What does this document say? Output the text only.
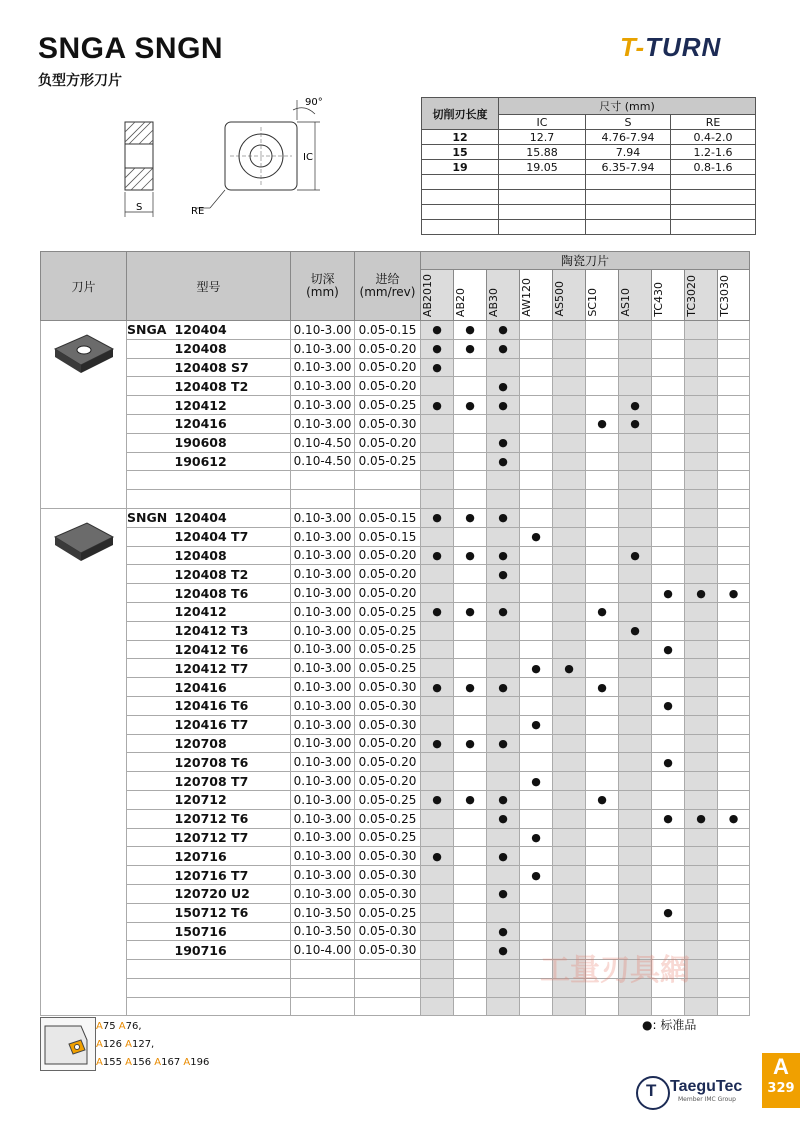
SNGA SNGN
负型方形刀片
T-TURN
S
90°
IC
RE
切削刃长度	尺寸 (mm)		
	IC	S	RE
12	12.7	4.76-7.94	0.4-2.0
15	15.88	7.94	1.2-1.6
19	19.05	6.35-7.94	0.8-1.6

刀片	型号		切深
(mm)	进给
(mm/rev)	陶瓷刀片									

					AB2010	AB20	AB30	AW120	AS500	SC10	AS10	TC430	TC3020	TC3030

	SNGA	120404	0.10-3.00	0.05-0.15	●	●	●							
		120408	0.10-3.00	0.05-0.20	●	●	●							
		120408 S7	0.10-3.00	0.05-0.20	●									
		120408 T2	0.10-3.00	0.05-0.20			●							
		120412	0.10-3.00	0.05-0.25	●	●	●				●			
		120416	0.10-3.00	0.05-0.30						●	●			
		190608	0.10-4.50	0.05-0.20			●							
		190612	0.10-4.50	0.05-0.25			●							

	SNGN	120404	0.10-3.00	0.05-0.15	●	●	●							
		120404 T7	0.10-3.00	0.05-0.15				●						
		120408	0.10-3.00	0.05-0.20	●	●	●				●			
		120408 T2	0.10-3.00	0.05-0.20			●							
		120408 T6	0.10-3.00	0.05-0.20								●	●	●
		120412	0.10-3.00	0.05-0.25	●	●	●			●				
		120412 T3	0.10-3.00	0.05-0.25							●			
		120412 T6	0.10-3.00	0.05-0.25								●		
		120412 T7	0.10-3.00	0.05-0.25				●	●					
		120416	0.10-3.00	0.05-0.30	●	●	●			●				
		120416 T6	0.10-3.00	0.05-0.30								●		
		120416 T7	0.10-3.00	0.05-0.30				●						
		120708	0.10-3.00	0.05-0.20	●	●	●							
		120708 T6	0.10-3.00	0.05-0.20								●		
		120708 T7	0.10-3.00	0.05-0.20				●						
		120712	0.10-3.00	0.05-0.25	●	●	●			●				
		120712 T6	0.10-3.00	0.05-0.25			●					●	●	●
		120712 T7	0.10-3.00	0.05-0.25				●						
		120716	0.10-3.00	0.05-0.30	●		●							
		120716 T7	0.10-3.00	0.05-0.30				●						
		120720 U2	0.10-3.00	0.05-0.30			●							
		150712 T6	0.10-3.50	0.05-0.25								●		
		150716	0.10-3.50	0.05-0.30			●							
		190716	0.10-4.00	0.05-0.30			●							

工量刃具網
●: 标准品
A75 A76,
A126 A127,
A155 A156 A167 A196
T TaeguTec
Member IMC Group
A
329
